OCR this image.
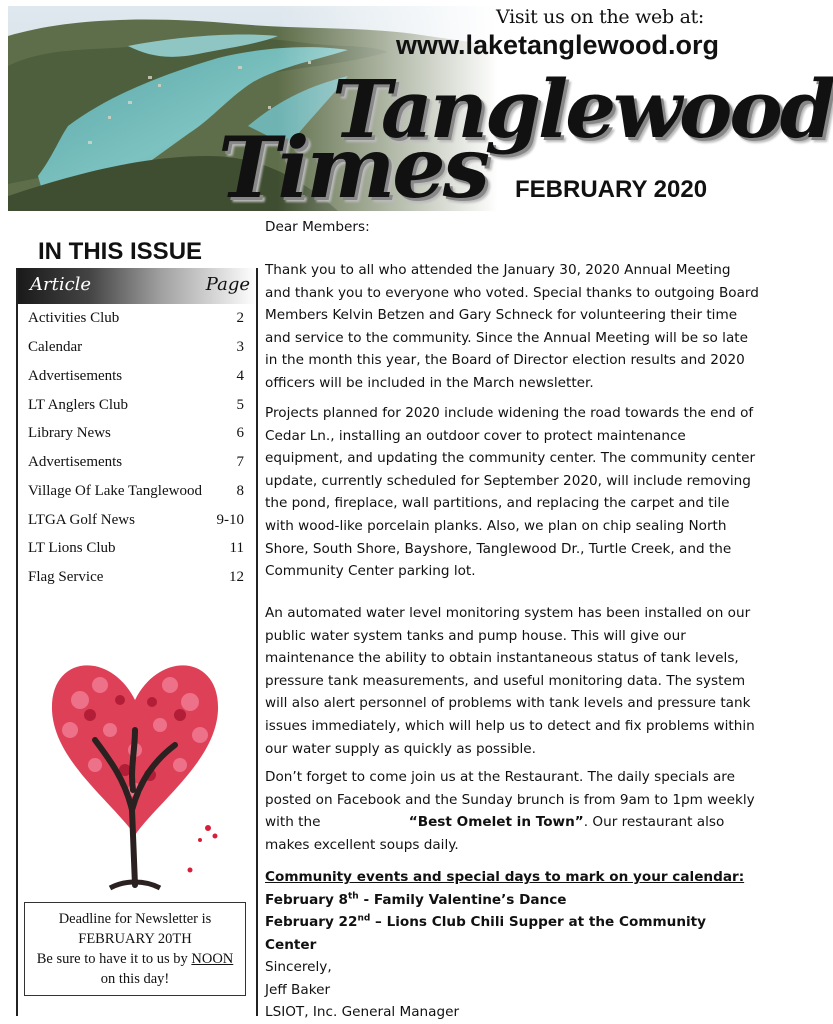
Visit us on the web at:
www.laketanglewood.org
Tanglewood
Times FEBRUARY 2020
IN THIS ISSUE
Article	Page
Activities Club	2
Calendar	3
Advertisements	4
LT Anglers Club	5
Library News	6
Advertisements	7
Village Of Lake Tanglewood 8
LTGA Golf News	9-10
LT Lions Club	11
Flag Service	12
Deadline for Newsletter is
FEBRUARY 20TH
Be sure to have it to us by NOON
on this day!
Dear Members:
Thank you to all who attended the January 30, 2020 Annual Meeting and thank you to everyone who voted. Special thanks to outgoing Board Members Kelvin Betzen and Gary Schneck for volunteering their time and service to the community. Since the Annual Meeting will be so late in the month this year, the Board of Director election results and 2020 officers will be included in the March newsletter.
Projects planned for 2020 include widening the road towards the end of Cedar Ln., installing an outdoor cover to protect maintenance equipment, and updating the community center. The community center update, currently scheduled for September 2020, will include removing the pond, fireplace, wall partitions, and replacing the carpet and tile with wood-like porcelain planks. Also, we plan on chip sealing North Shore, South Shore, Bayshore, Tanglewood Dr., Turtle Creek, and the Community Center parking lot.
An automated water level monitoring system has been installed on our public water system tanks and pump house. This will give our maintenance the ability to obtain instantaneous status of tank levels, pressure tank measurements, and useful monitoring data. The system will also alert personnel of problems with tank levels and pressure tank issues immediately, which will help us to detect and fix problems within our water supply as quickly as possible.
Don’t forget to come join us at the Restaurant. The daily specials are posted on Facebook and the Sunday brunch is from 9am to 1pm weekly with the	“Best Omelet in Town”. Our restaurant also makes excellent soups daily.
Community events and special days to mark on your calendar:
February 8th - Family Valentine’s Dance
February 22nd – Lions Club Chili Supper at the Community Center
Sincerely,
Jeff Baker
LSIOT, Inc. General Manager
